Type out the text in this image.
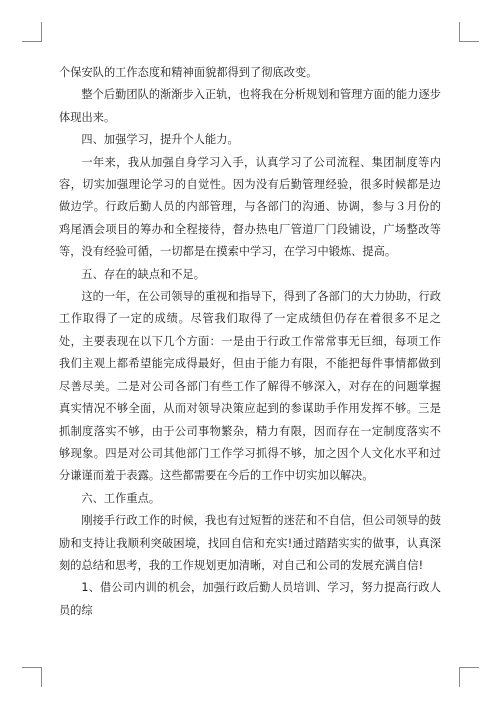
个保安队的工作态度和精神面貌都得到了彻底改变。

整个后勤团队的渐渐步入正轨，也将我在分析规划和管理方面的能力逐步体现出来。

四、加强学习，提升个人能力。

一年来，我从加强自身学习入手，认真学习了公司流程、集团制度等内容，切实加强理论学习的自觉性。因为没有后勤管理经验，很多时候都是边做边学。行政后勤人员的内部管理，与各部门的沟通、协调，参与３月份的鸡尾酒会项目的筹办和全程接待，督办热电厂管道厂门段铺设，广场整改等等，没有经验可循，一切都是在摸索中学习，在学习中锻炼、提高。

五、存在的缺点和不足。

这的一年，在公司领导的重视和指导下，得到了各部门的大力协助，行政工作取得了一定的成绩。尽管我们取得了一定成绩但仍存在着很多不足之处，主要表现在以下几个方面：一是由于行政工作常常事无巨细，每项工作我们主观上都希望能完成得最好，但由于能力有限，不能把每件事情都做到尽善尽美。二是对公司各部门有些工作了解得不够深入，对存在的问题掌握真实情况不够全面，从而对领导决策应起到的参谋助手作用发挥不够。三是抓制度落实不够，由于公司事物繁杂，精力有限，因而存在一定制度落实不够现象。四是对公司其他部门工作学习抓得不够，加之因个人文化水平和过分谦谨而羞于表露。这些都需要在今后的工作中切实加以解决。

六、工作重点。

刚接手行政工作的时候，我也有过短暂的迷茫和不自信，但公司领导的鼓励和支持让我顺利突破困境，找回自信和充实!通过踏踏实实的做事，认真深刻的总结和思考，我的工作规划更加清晰，对自己和公司的发展充满自信!

1、借公司内训的机会，加强行政后勤人员培训、学习，努力提高行政人员的综
